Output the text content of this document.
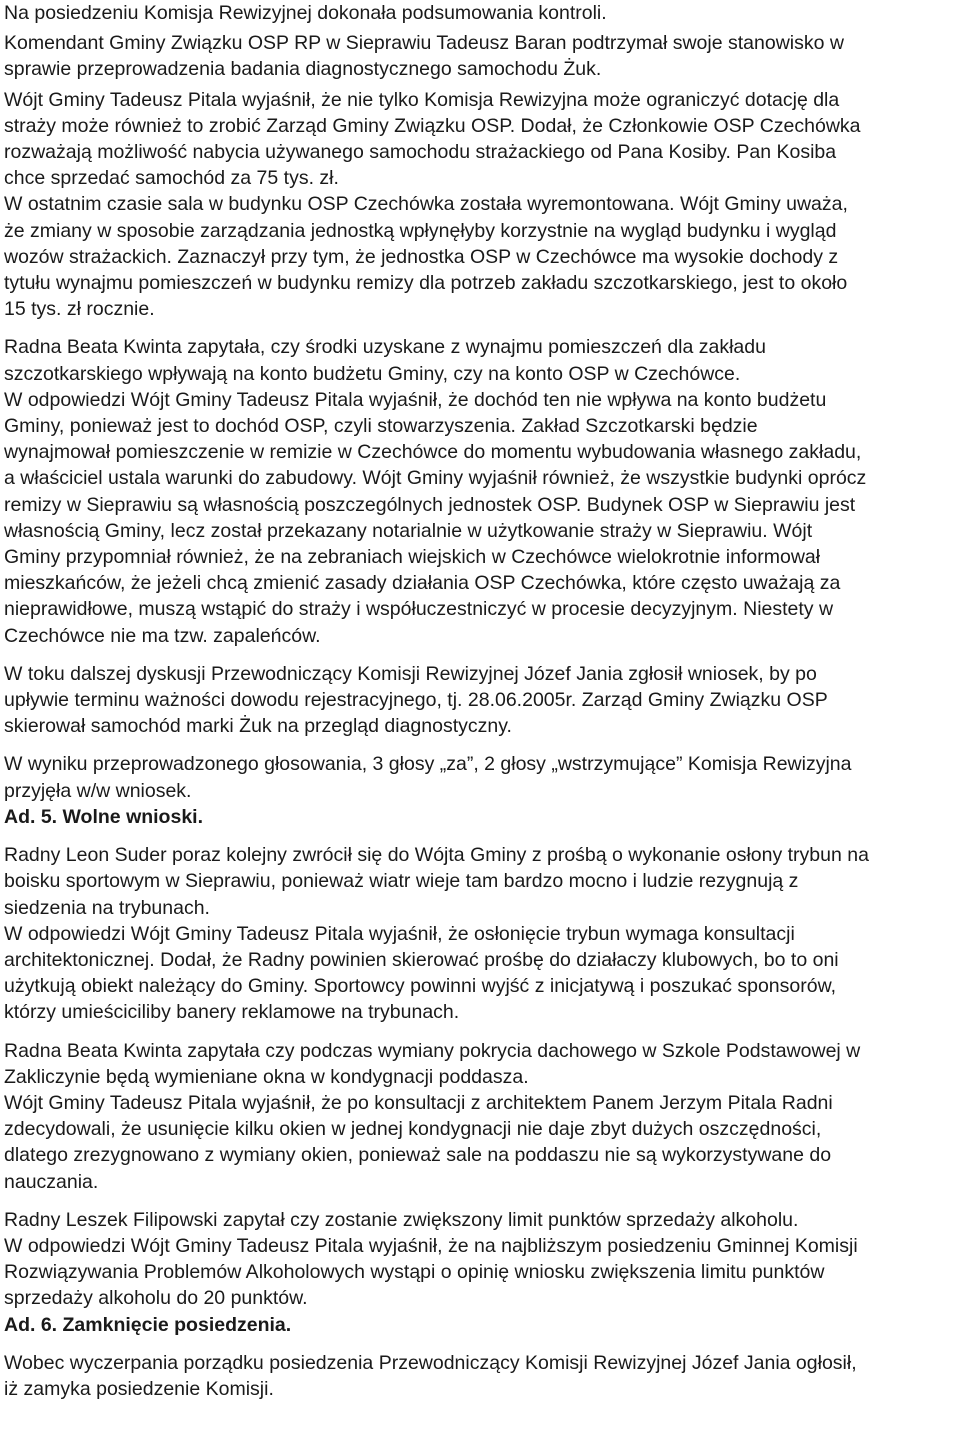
Na posiedzeniu Komisja Rewizyjnej dokonała podsumowania kontroli.
Komendant Gminy Związku OSP RP w Sieprawiu Tadeusz Baran podtrzymał swoje stanowisko w
sprawie przeprowadzenia badania diagnostycznego samochodu Żuk.
Wójt Gminy Tadeusz Pitala wyjaśnił, że nie tylko Komisja Rewizyjna może ograniczyć dotację dla
straży może również to zrobić Zarząd Gminy Związku OSP. Dodał, że Członkowie OSP Czechówka
rozważają możliwość nabycia używanego samochodu strażackiego od Pana Kosiby. Pan Kosiba
chce sprzedać samochód za 75 tys. zł.
W ostatnim czasie sala w budynku OSP Czechówka została wyremontowana. Wójt Gminy uważa,
że zmiany w sposobie zarządzania jednostką wpłynęłyby korzystnie na wygląd budynku i wygląd
wozów strażackich. Zaznaczył przy tym, że jednostka OSP w Czechówce ma wysokie dochody z
tytułu wynajmu pomieszczeń w budynku remizy dla potrzeb zakładu szczotkarskiego, jest to około
15 tys. zł rocznie.
Radna Beata Kwinta zapytała, czy środki uzyskane z wynajmu pomieszczeń dla zakładu
szczotkarskiego wpływają na konto budżetu Gminy, czy na konto OSP w Czechówce.
W odpowiedzi Wójt Gminy Tadeusz Pitala wyjaśnił, że dochód ten nie wpływa na konto budżetu
Gminy, ponieważ jest to dochód OSP, czyli stowarzyszenia. Zakład Szczotkarski będzie
wynajmował pomieszczenie w remizie w Czechówce do momentu wybudowania własnego zakładu,
a właściciel ustala warunki do zabudowy. Wójt Gminy wyjaśnił również, że wszystkie budynki oprócz
remizy w Sieprawiu są własnością poszczególnych jednostek OSP. Budynek OSP w Sieprawiu jest
własnością Gminy, lecz został przekazany notarialnie w użytkowanie straży w Sieprawiu. Wójt
Gminy przypomniał również, że na zebraniach wiejskich w Czechówce wielokrotnie informował
mieszkańców, że jeżeli chcą zmienić zasady działania OSP Czechówka, które często uważają za
nieprawidłowe, muszą wstąpić do straży i współuczestniczyć w procesie decyzyjnym. Niestety w
Czechówce nie ma tzw. zapaleńców.
W toku dalszej dyskusji Przewodniczący Komisji Rewizyjnej Józef Jania zgłosił wniosek, by po
upływie terminu ważności dowodu rejestracyjnego, tj. 28.06.2005r. Zarząd Gminy Związku OSP
skierował samochód marki Żuk na przegląd diagnostyczny.
W wyniku przeprowadzonego głosowania, 3 głosy „za”, 2 głosy „wstrzymujące” Komisja Rewizyjna
przyjęła w/w wniosek.
Ad. 5. Wolne wnioski.
Radny Leon Suder poraz kolejny zwrócił się do Wójta Gminy z prośbą o wykonanie osłony trybun na
boisku sportowym w Sieprawiu, ponieważ wiatr wieje tam bardzo mocno i ludzie rezygnują z
siedzenia na trybunach.
W odpowiedzi Wójt Gminy Tadeusz Pitala wyjaśnił, że osłonięcie trybun wymaga konsultacji
architektonicznej. Dodał, że Radny powinien skierować prośbę do działaczy klubowych, bo to oni
użytkują obiekt należący do Gminy. Sportowcy powinni wyjść z inicjatywą i poszukać sponsorów,
którzy umieściciliby banery reklamowe na trybunach.
Radna Beata Kwinta zapytała czy podczas wymiany pokrycia dachowego w Szkole Podstawowej w
Zakliczynie będą wymieniane okna w kondygnacji poddasza.
Wójt Gminy Tadeusz Pitala wyjaśnił, że po konsultacji z architektem Panem Jerzym Pitala Radni
zdecydowali, że usunięcie kilku okien w jednej kondygnacji nie daje zbyt dużych oszczędności,
dlatego zrezygnowano z wymiany okien, ponieważ sale na poddaszu nie są wykorzystywane do
nauczania.
Radny Leszek Filipowski zapytał czy zostanie zwiększony limit punktów sprzedaży alkoholu.
W odpowiedzi Wójt Gminy Tadeusz Pitala wyjaśnił, że na najbliższym posiedzeniu Gminnej Komisji
Rozwiązywania Problemów Alkoholowych wystąpi o opinię wniosku zwiększenia limitu punktów
sprzedaży alkoholu do 20 punktów.
Ad. 6. Zamknięcie posiedzenia.
Wobec wyczerpania porządku posiedzenia Przewodniczący Komisji Rewizyjnej Józef Jania ogłosił,
iż zamyka posiedzenie Komisji.
